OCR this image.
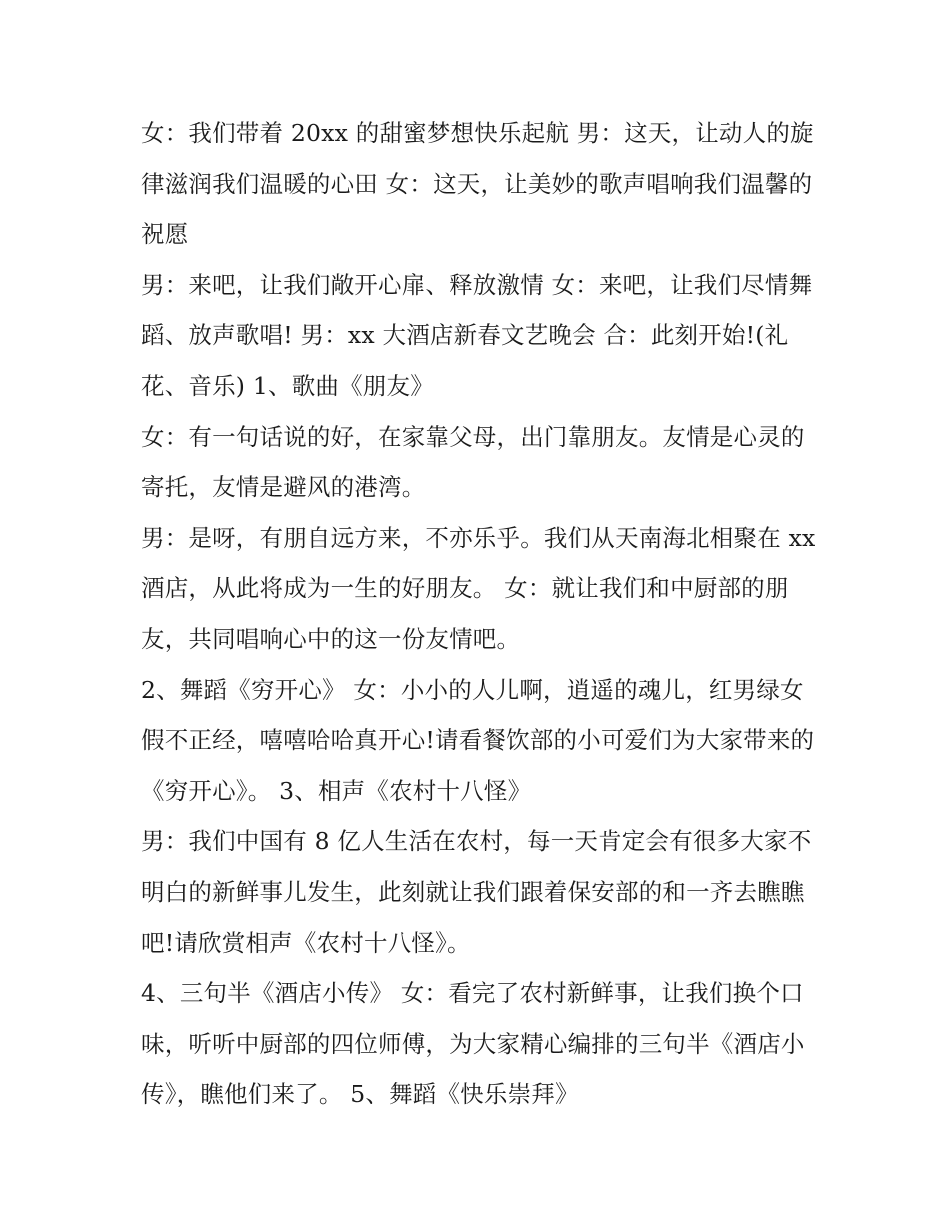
女：我们带着 20xx 的甜蜜梦想快乐起航 男：这天，让动人的旋律滋润我们温暖的心田 女：这天，让美妙的歌声唱响我们温馨的祝愿

男：来吧，让我们敞开心扉、释放激情 女：来吧，让我们尽情舞蹈、放声歌唱! 男：xx 大酒店新春文艺晚会 合：此刻开始!(礼花、音乐) 1、歌曲《朋友》

女：有一句话说的好，在家靠父母，出门靠朋友。友情是心灵的寄托，友情是避风的港湾。

男：是呀，有朋自远方来，不亦乐乎。我们从天南海北相聚在 xx 酒店，从此将成为一生的好朋友。 女：就让我们和中厨部的朋友，共同唱响心中的这一份友情吧。

2、舞蹈《穷开心》 女：小小的人儿啊，逍遥的魂儿，红男绿女假不正经，嘻嘻哈哈真开心!请看餐饮部的小可爱们为大家带来的《穷开心》。 3、相声《农村十八怪》

男：我们中国有 8 亿人生活在农村，每一天肯定会有很多大家不明白的新鲜事儿发生，此刻就让我们跟着保安部的和一齐去瞧瞧吧!请欣赏相声《农村十八怪》。

4、三句半《酒店小传》 女：看完了农村新鲜事，让我们换个口味，听听中厨部的四位师傅，为大家精心编排的三句半《酒店小传》，瞧他们来了。 5、舞蹈《快乐崇拜》
